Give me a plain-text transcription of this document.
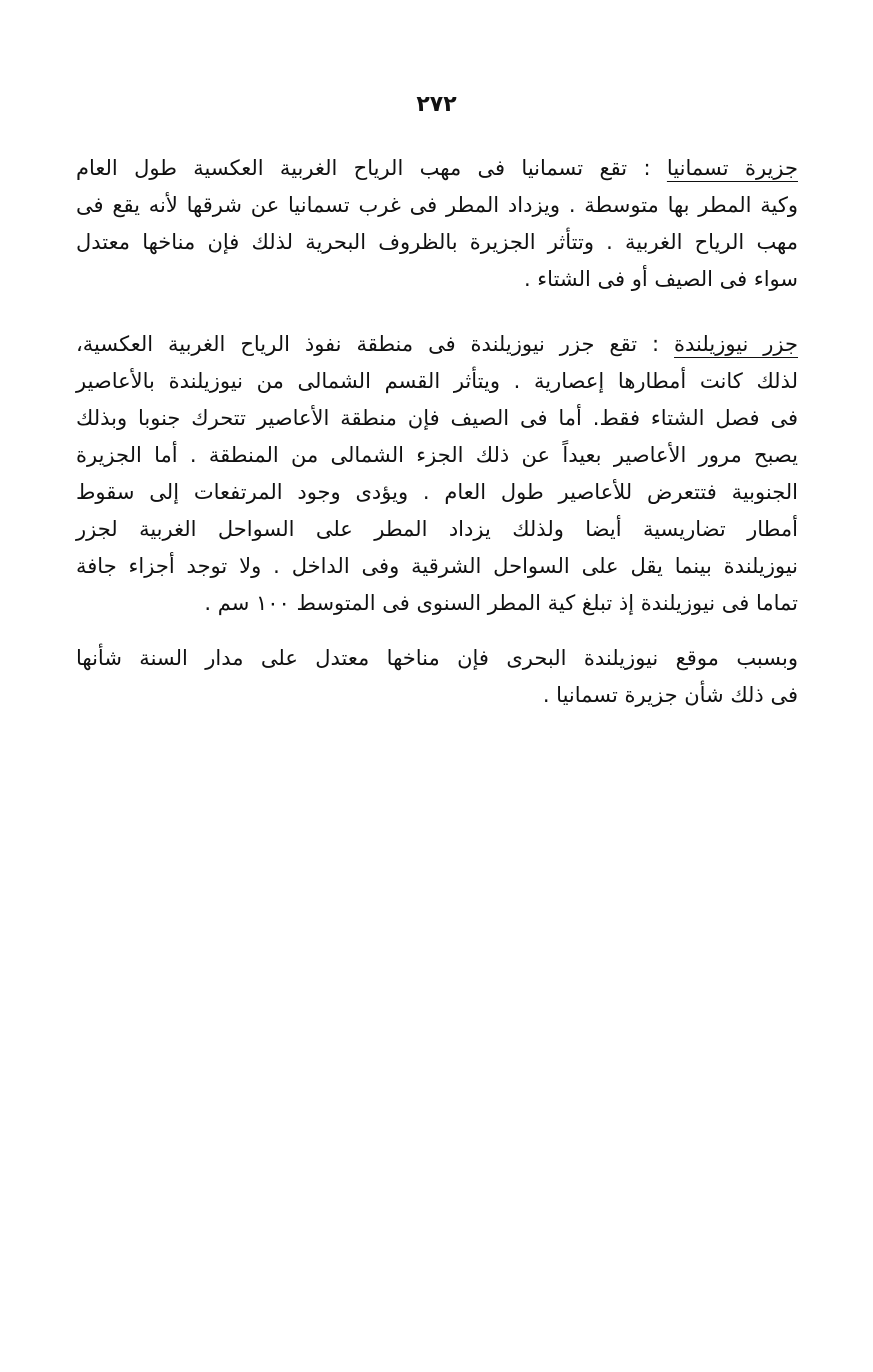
٢٧٢

جزيرة تسمانيا : تقع تسمانيا فى مهب الرياح الغربية العكسية طول العام
وكية المطر بها متوسطة . ويزداد المطر فى غرب تسمانيا عن شرقها لأنه يقع فى
مهب الرياح الغربية . وتتأثر الجزيرة بالظروف البحرية لذلك فإن مناخها معتدل
سواء فى الصيف أو فى الشتاء .

جزر نيوزيلندة : تقع جزر نيوزيلندة فى منطقة نفوذ الرياح الغربية العكسية،
لذلك كانت أمطارها إعصارية . ويتأثر القسم الشمالى من نيوزيلندة بالأعاصير
فى فصل الشتاء فقط. أما فى الصيف فإن منطقة الأعاصير تتحرك جنوبا وبذلك
يصبح مرور الأعاصير بعيداً عن ذلك الجزء الشمالى من المنطقة . أما الجزيرة
الجنوبية فتتعرض للأعاصير طول العام . ويؤدى وجود المرتفعات إلى سقوط
أمطار تضاريسية أيضا ولذلك يزداد المطر على السواحل الغربية لجزر
نيوزيلندة بينما يقل على السواحل الشرقية وفى الداخل . ولا توجد أجزاء جافة
تماما فى نيوزيلندة إذ تبلغ كية المطر السنوى فى المتوسط ١٠٠ سم .

وبسبب موقع نيوزيلندة البحرى فإن مناخها معتدل على مدار السنة شأنها
فى ذلك شأن جزيرة تسمانيا .
